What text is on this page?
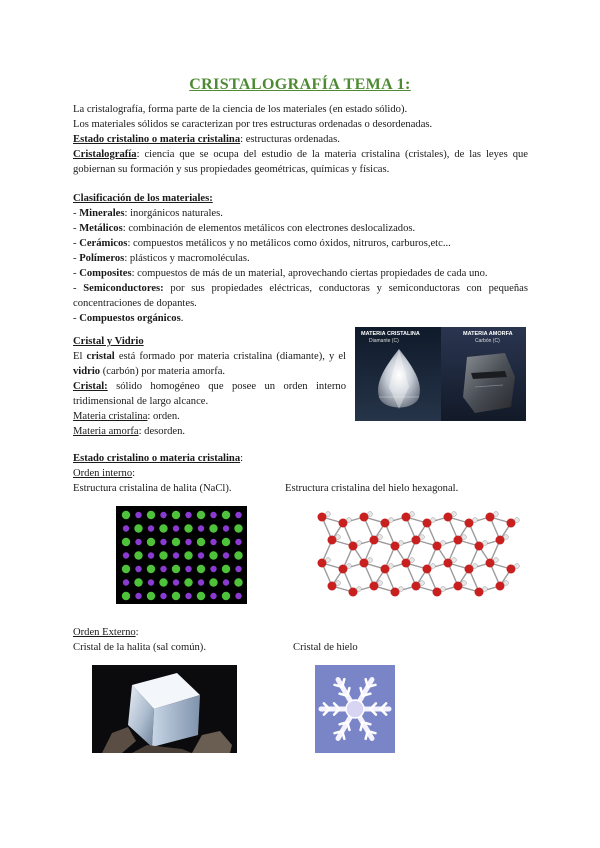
CRISTALOGRAFÍA TEMA 1:

La cristalografía, forma parte de la ciencia de los materiales (en estado sólido).

Los materiales sólidos se caracterizan por tres estructuras ordenadas o desordenadas.

Estado cristalino o materia cristalina: estructuras ordenadas.

Cristalografía: ciencia que se ocupa del estudio de la materia cristalina (cristales), de las leyes que gobiernan su formación y sus propiedades geométricas, químicas y físicas.

Clasificación de los materiales:

- Minerales: inorgánicos naturales.
- Metálicos: combinación de elementos metálicos con electrones deslocalizados.
- Cerámicos: compuestos metálicos y no metálicos como óxidos, nitruros, carburos,etc...
- Polímeros: plásticos y macromoléculas.
- Composites: compuestos de más de un material, aprovechando ciertas propiedades de cada uno.
- Semiconductores: por sus propiedades eléctricas, conductoras y semiconductoras con pequeñas concentraciones de dopantes.
- Compuestos orgánicos.

Cristal y Vidrio

El cristal está formado por materia cristalina (diamante), y el vidrio (carbón) por materia amorfa.

Cristal: sólido homogéneo que posee un orden interno tridimensional de largo alcance.

Materia cristalina: orden.

Materia amorfa: desorden.

MATERIA CRISTALINA
Diamante (C)
MATERIA AMORFA
Carbón (C)

Estado cristalino o materia cristalina:

Orden interno:

Estructura cristalina de halita (NaCl).	Estructura cristalina del hielo hexagonal.

Orden Externo:

Cristal de la halita (sal común).	Cristal de hielo
